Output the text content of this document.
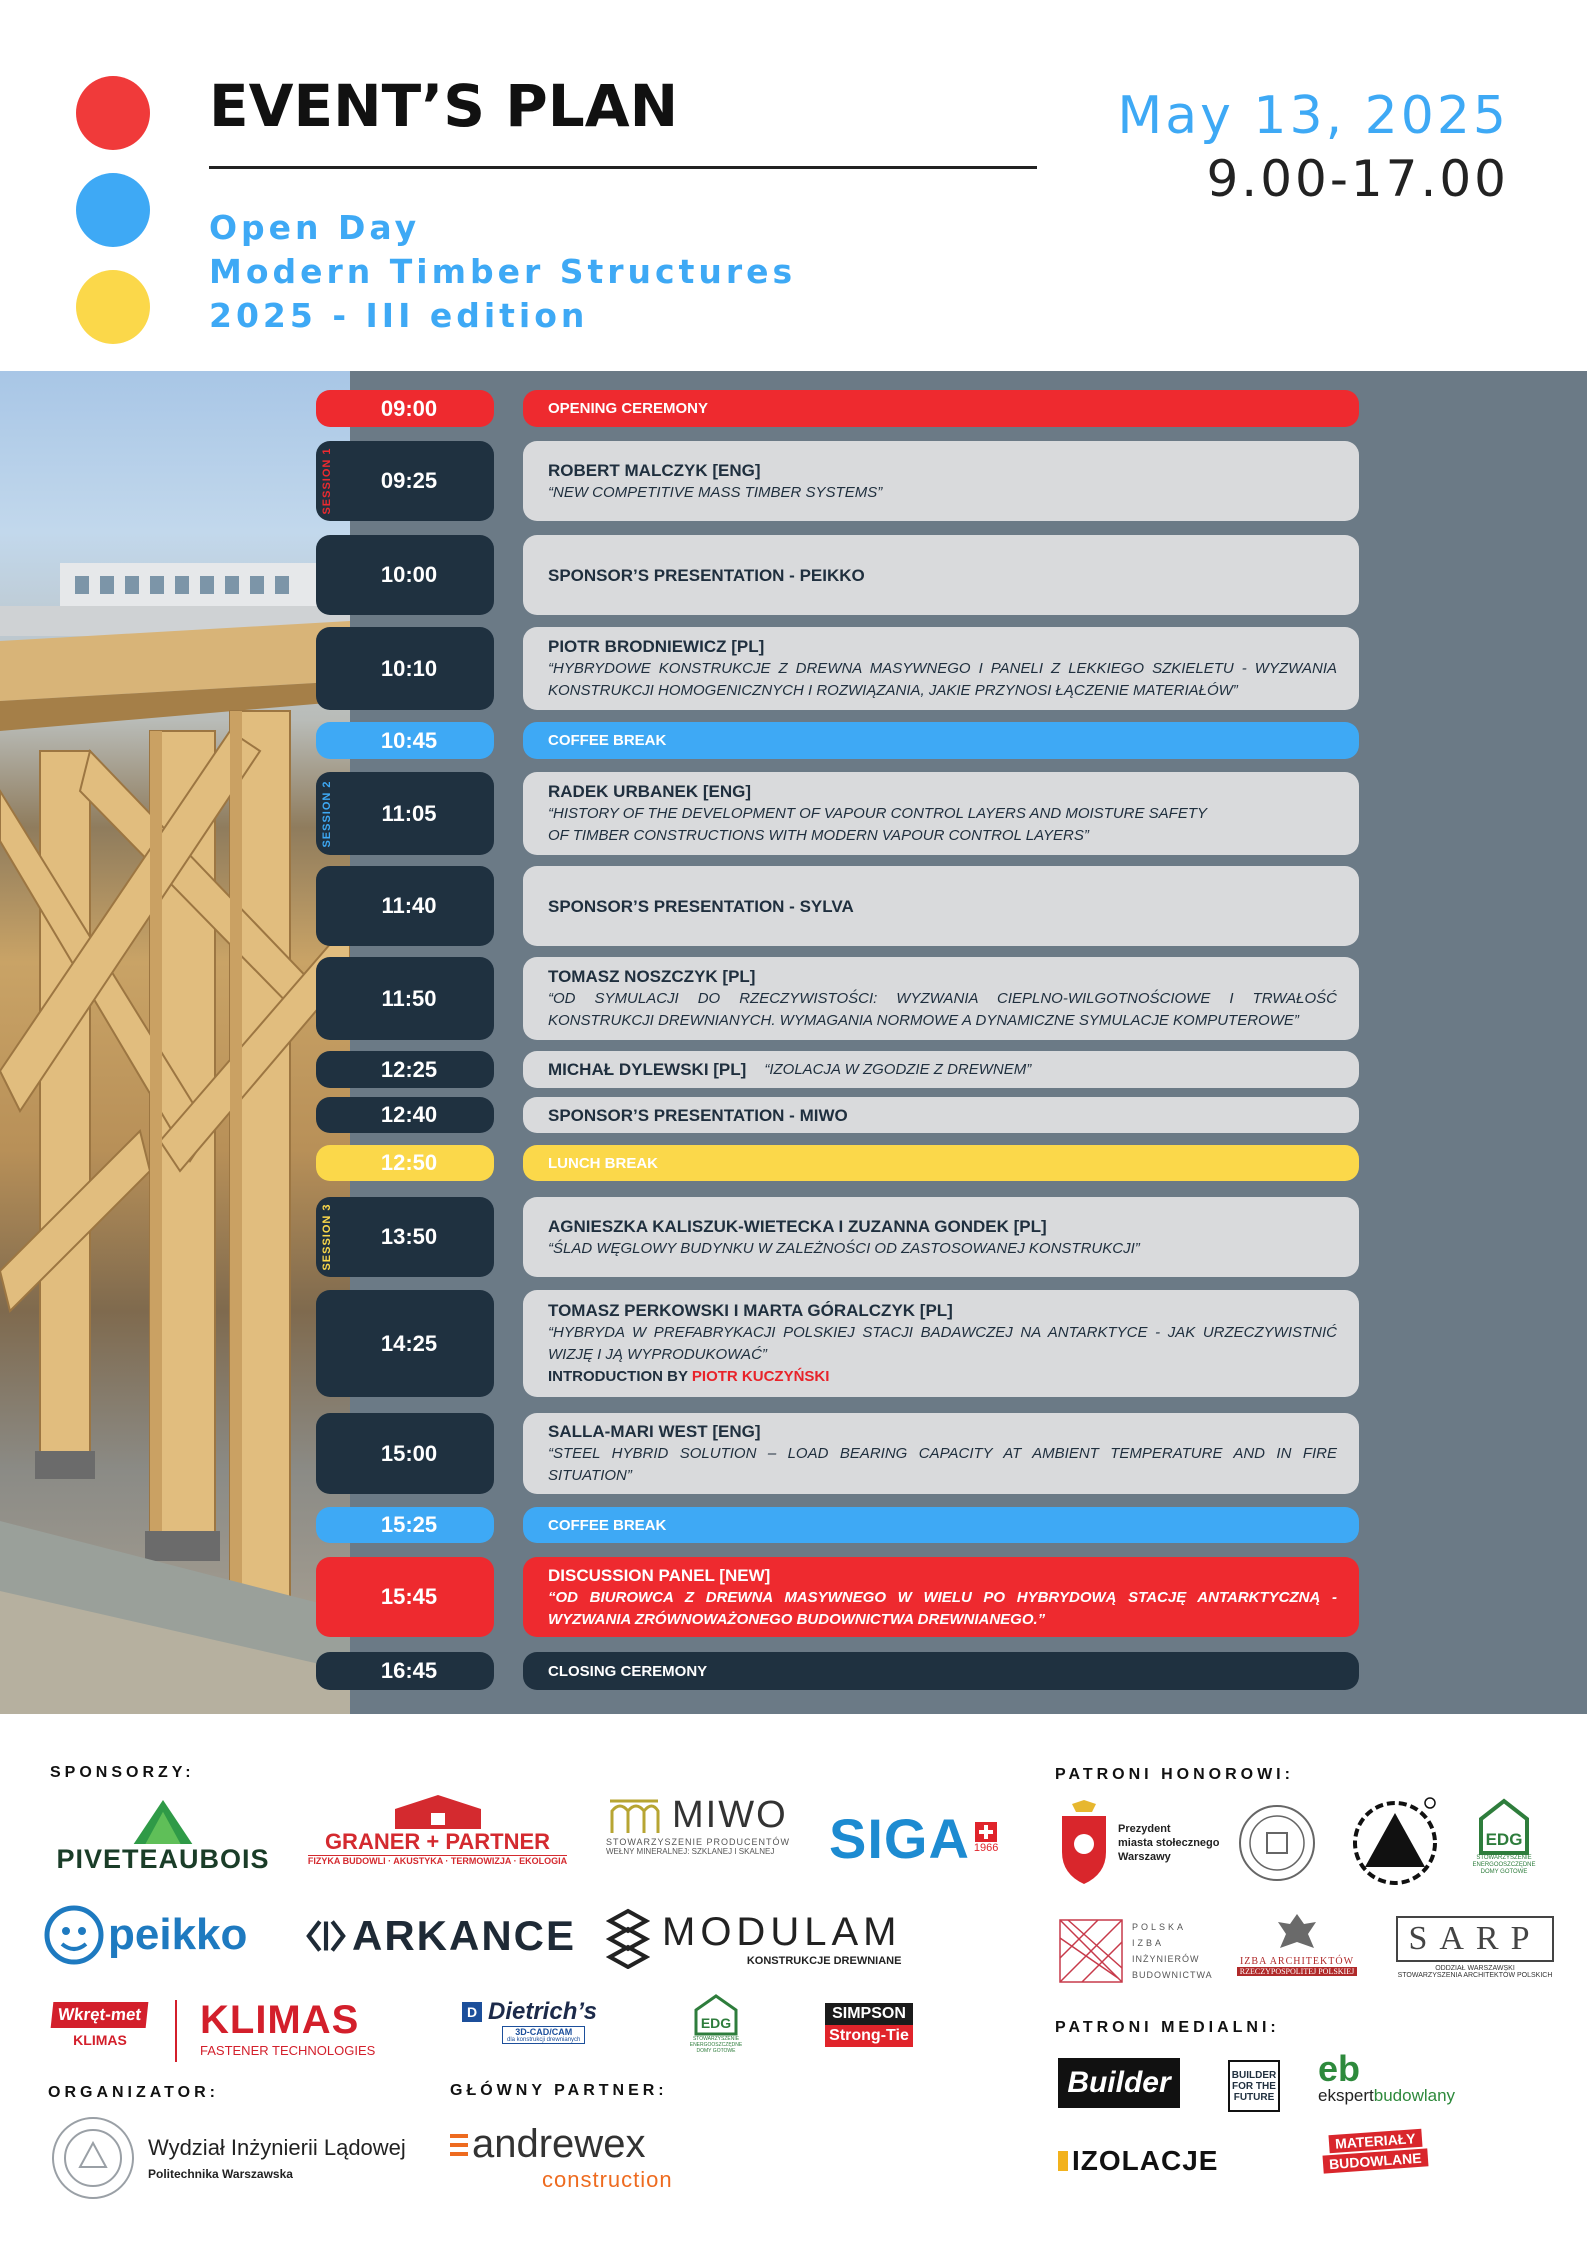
EVENT’S PLAN
Open Day
Modern Timber Structures
2025 - III edition
May 13, 2025
9.00-17.00
09:00	OPENING CEREMONY
09:25	ROBERT MALCZYK [ENG]
“NEW COMPETITIVE MASS TIMBER SYSTEMS”
10:00	SPONSOR’S PRESENTATION - PEIKKO
10:10
PIOTR BRODNIEWICZ [PL]
“HYBRYDOWE KONSTRUKCJE Z DREWNA MASYWNEGO I PANELI Z LEKKIEGO SZKIELETU - WYZWANIA KONSTRUKCJI HOMOGENICZNYCH I ROZWIĄZANIA, JAKIE PRZYNOSI ŁĄCZENIE MATERIAŁÓW”
10:45	COFFEE BREAK
11:05
RADEK URBANEK [ENG]
“HISTORY OF THE DEVELOPMENT OF VAPOUR CONTROL LAYERS AND MOISTURE SAFETY
OF TIMBER CONSTRUCTIONS WITH MODERN VAPOUR CONTROL LAYERS”
11:40	SPONSOR’S PRESENTATION - SYLVA
11:50
TOMASZ NOSZCZYK [PL]
“OD SYMULACJI DO RZECZYWISTOŚCI: WYZWANIA CIEPLNO-WILGOTNOŚCIOWE I TRWAŁOŚĆ KONSTRUKCJI DREWNIANYCH. WYMAGANIA NORMOWE A DYNAMICZNE SYMULACJE KOMPUTEROWE”
12:25	MICHAŁ DYLEWSKI [PL] “IZOLACJA W ZGODZIE Z DREWNEM”
12:40	SPONSOR’S PRESENTATION - MIWO
12:50	LUNCH BREAK
13:50	AGNIESZKA KALISZUK-WIETECKA I ZUZANNA GONDEK [PL]
“ŚLAD WĘGLOWY BUDYNKU W ZALEŻNOŚCI OD ZASTOSOWANEJ KONSTRUKCJI”
14:25
TOMASZ PERKOWSKI I MARTA GÓRALCZYK [PL]
“HYBRYDA W PREFABRYKACJI POLSKIEJ STACJI BADAWCZEJ NA ANTARKTYCE - JAK URZECZYWISTNIĆ WIZJĘ I JĄ WYPRODUKOWAĆ”
INTRODUCTION BY PIOTR KUCZYŃSKI
15:00
SALLA-MARI WEST [ENG]
“STEEL HYBRID SOLUTION – LOAD BEARING CAPACITY AT AMBIENT TEMPERATURE AND IN FIRE SITUATION”
15:25	COFFEE BREAK
15:45
DISCUSSION PANEL [NEW]
“OD BIUROWCA Z DREWNA MASYWNEGO W WIELU PO HYBRYDOWĄ STACJĘ ANTARKTYCZNĄ - WYZWANIA ZRÓWNOWAŻONEGO BUDOWNICTWA DREWNIANEGO.”
16:45	CLOSING CEREMONY
SESSION 1
SESSION 2
SESSION 3
SPONSORZY:	PATRONI HONOROWI:
PATRONI MEDIALNI:
ORGANIZATOR:	GŁÓWNY PARTNER:
PIVETEAUBOIS
GRANER + PARTNER
FIZYKA BUDOWLI · AKUSTYKA · TERMOWIZJA · EKOLOGIA
MIWO
STOWARZYSZENIE PRODUCENTÓW
WEŁNY MINERALNEJ: SZKLANEJ I SKALNEJ SIGA 1966
peikko ARKANCE MODULAM
KONSTRUKCJE DREWNIANE
Wkręt-met
KLIMAS KLIMAS
FASTENER TECHNOLOGIES
D Dietrich’s
3D-CAD/CAM
dla konstrukcji drewnianych
EDG
STOWARZYSZENIE ENERGOOSZCZĘDNE DOMY GOTOWE
SIMPSON
Strong-Tie
Wydział Inżynierii Lądowej
Politechnika Warszawska
andrewex
construction
Prezydent
miasta stołecznego
Warszawy
EDG
STOWARZYSZENIE ENERGOOSZCZĘDNE DOMY GOTOWE
POLSKA
IZBA
INŻYNIERÓW
BUDOWNICTWA
IZBA ARCHITEKTÓW
RZECZYPOSPOLITEJ POLSKIEJ
SARP
ODDZIAŁ WARSZAWSKI
STOWARZYSZENIA ARCHITEKTÓW POLSKICH
Builder	BUILDER
FOR THE
FUTURE
eb
ekspert budowlany
IZOLACJE
MATERIAŁY
BUDOWLANE
